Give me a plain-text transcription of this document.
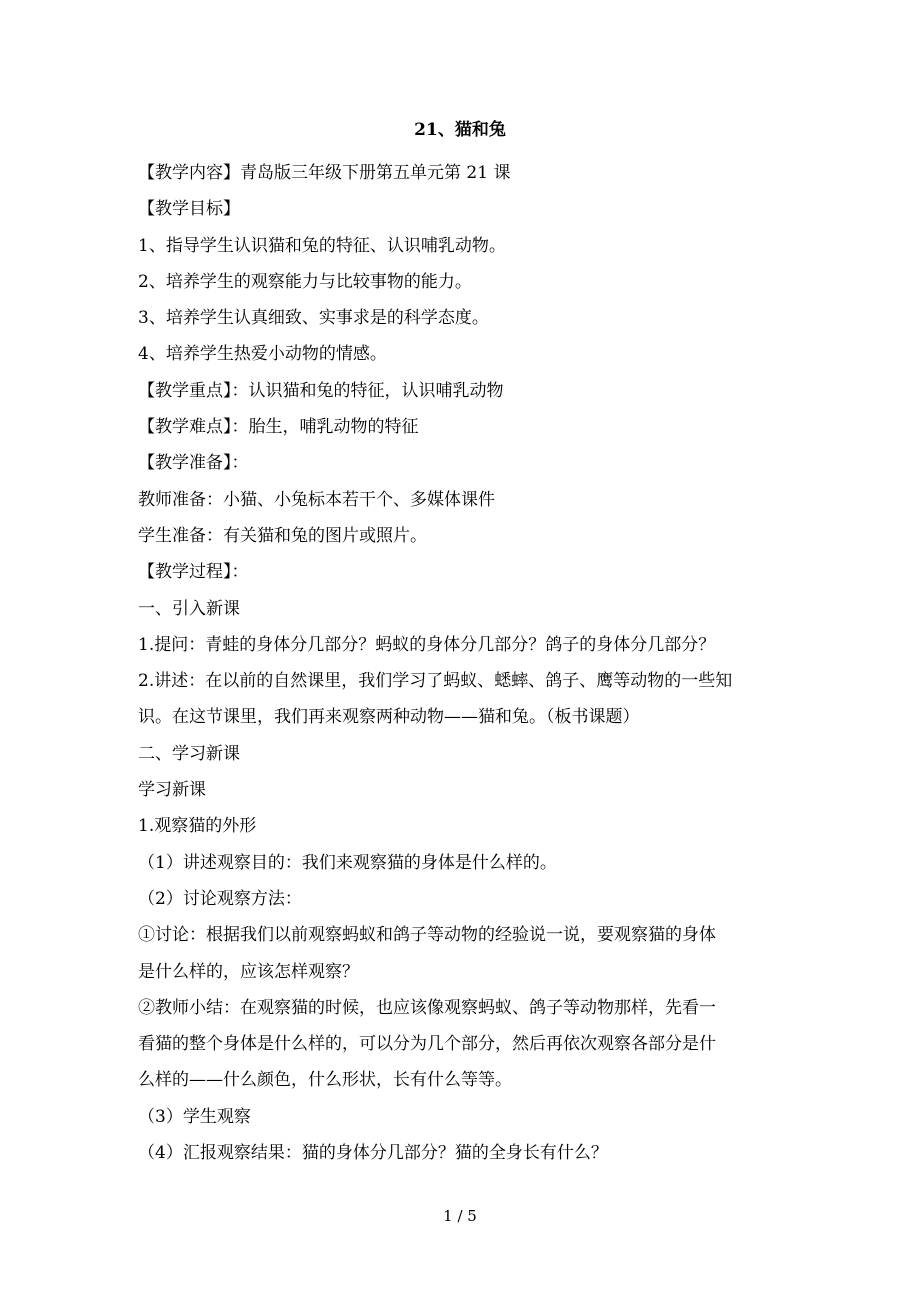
21、猫和兔
【教学内容】青岛版三年级下册第五单元第 21 课
【教学目标】
1、指导学生认识猫和兔的特征、认识哺乳动物。
2、培养学生的观察能力与比较事物的能力。
3、培养学生认真细致、实事求是的科学态度。
4、培养学生热爱小动物的情感。
【教学重点】：认识猫和兔的特征，认识哺乳动物
【教学难点】：胎生，哺乳动物的特征
【教学准备】：
教师准备：小猫、小兔标本若干个、多媒体课件
学生准备：有关猫和兔的图片或照片。
【教学过程】：
一、引入新课
1.提问：青蛙的身体分几部分？蚂蚁的身体分几部分？鸽子的身体分几部分？
2.讲述：在以前的自然课里，我们学习了蚂蚁、蟋蟀、鸽子、鹰等动物的一些知
识。在这节课里，我们再来观察两种动物——猫和兔。（板书课题）
二、学习新课
学习新课
1.观察猫的外形
（1）讲述观察目的：我们来观察猫的身体是什么样的。
（2）讨论观察方法：
①讨论：根据我们以前观察蚂蚁和鸽子等动物的经验说一说，要观察猫的身体
是什么样的，应该怎样观察？
②教师小结：在观察猫的时候，也应该像观察蚂蚁、鸽子等动物那样，先看一
看猫的整个身体是什么样的，可以分为几个部分，然后再依次观察各部分是什
么样的——什么颜色，什么形状，长有什么等等。
（3）学生观察
（4）汇报观察结果：猫的身体分几部分？猫的全身长有什么？
1 / 5
